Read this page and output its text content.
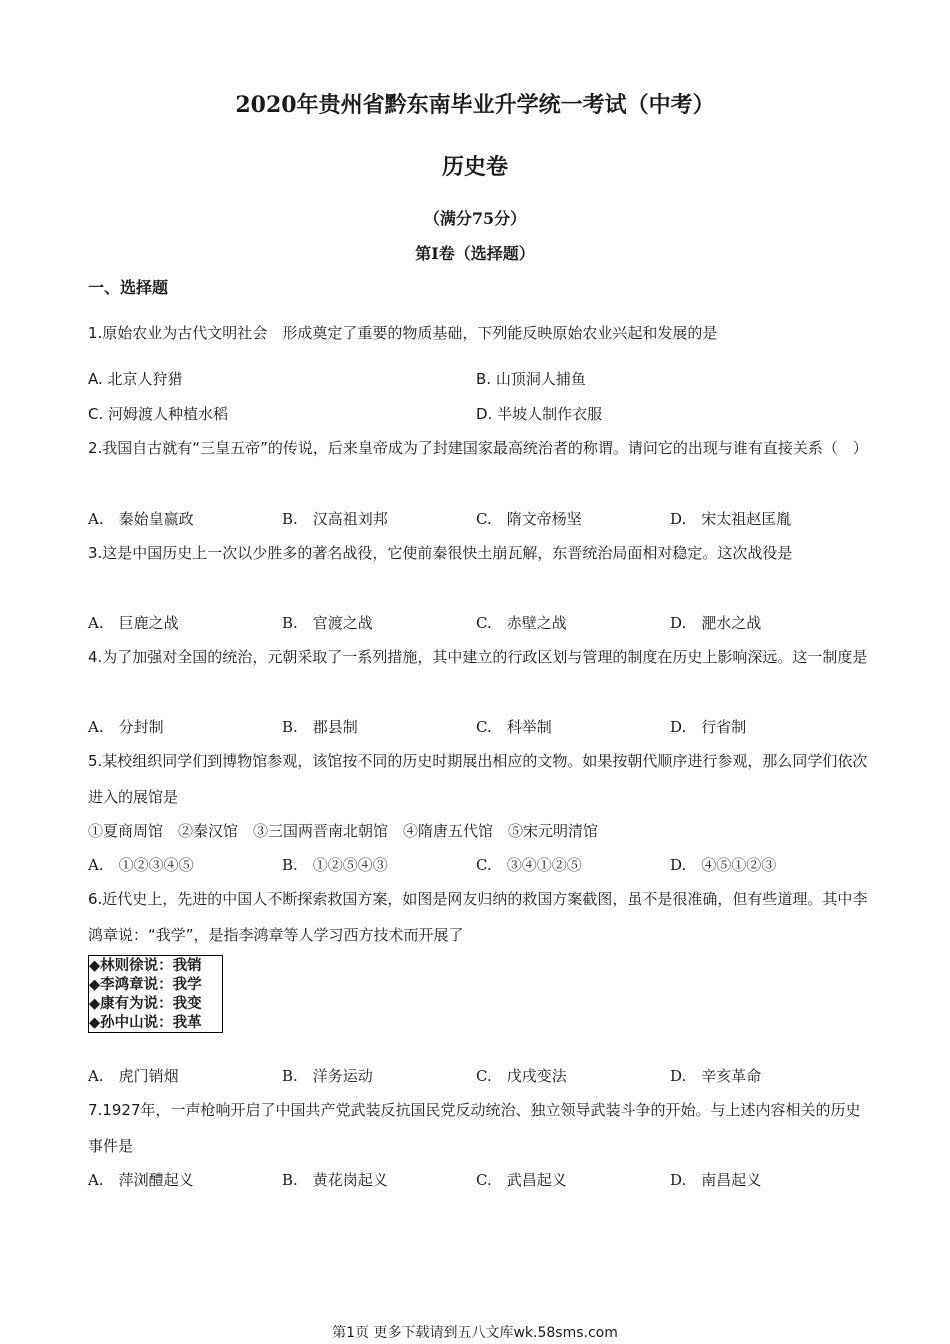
2020年贵州省黔东南毕业升学统一考试（中考）
历史卷
（满分75分）
第Ⅰ卷（选择题）
一、选择题
1.原始农业为古代文明社会　形成奠定了重要的物质基础，下列能反映原始农业兴起和发展的是
A. 北京人狩猎	B. 山顶洞人捕鱼
C. 河姆渡人种植水稻	D. 半坡人制作衣服
2.我国自古就有“三皇五帝”的传说，后来皇帝成为了封建国家最高统治者的称谓。请问它的出现与谁有直接关系（　）
A.　秦始皇嬴政	B.　汉高祖刘邦	C.　隋文帝杨坚	D.　宋太祖赵匡胤
3.这是中国历史上一次以少胜多的著名战役，它使前秦很快土崩瓦解，东晋统治局面相对稳定。这次战役是
A.　巨鹿之战	B.　官渡之战	C.　赤壁之战	D.　淝水之战
4.为了加强对全国的统治，元朝采取了一系列措施，其中建立的行政区划与管理的制度在历史上影响深远。这一制度是
A.　分封制	B.　郡县制	C.　科举制	D.　行省制
5.某校组织同学们到博物馆参观，该馆按不同的历史时期展出相应的文物。如果按朝代顺序进行参观，那么同学们依次进入的展馆是
①夏商周馆　②秦汉馆　③三国两晋南北朝馆　④隋唐五代馆　⑤宋元明清馆
A.　①②③④⑤	B.　①②⑤④③	C.　③④①②⑤	D.　④⑤①②③
6.近代史上，先进的中国人不断探索救国方案，如图是网友归纳的救国方案截图，虽不是很准确，但有些道理。其中李鸿章说：“我学”，是指李鸿章等人学习西方技术而开展了
◆林则徐说：我销
◆李鸿章说：我学
◆康有为说：我变
◆孙中山说：我革
A.　虎门销烟	B.　洋务运动	C.　戊戌变法	D.　辛亥革命
7.1927年，一声枪响开启了中国共产党武装反抗国民党反动统治、独立领导武装斗争的开始。与上述内容相关的历史事件是
A.　萍浏醴起义	B.　黄花岗起义	C.　武昌起义	D.　南昌起义
第1页 更多下载请到五八文库wk.58sms.com
